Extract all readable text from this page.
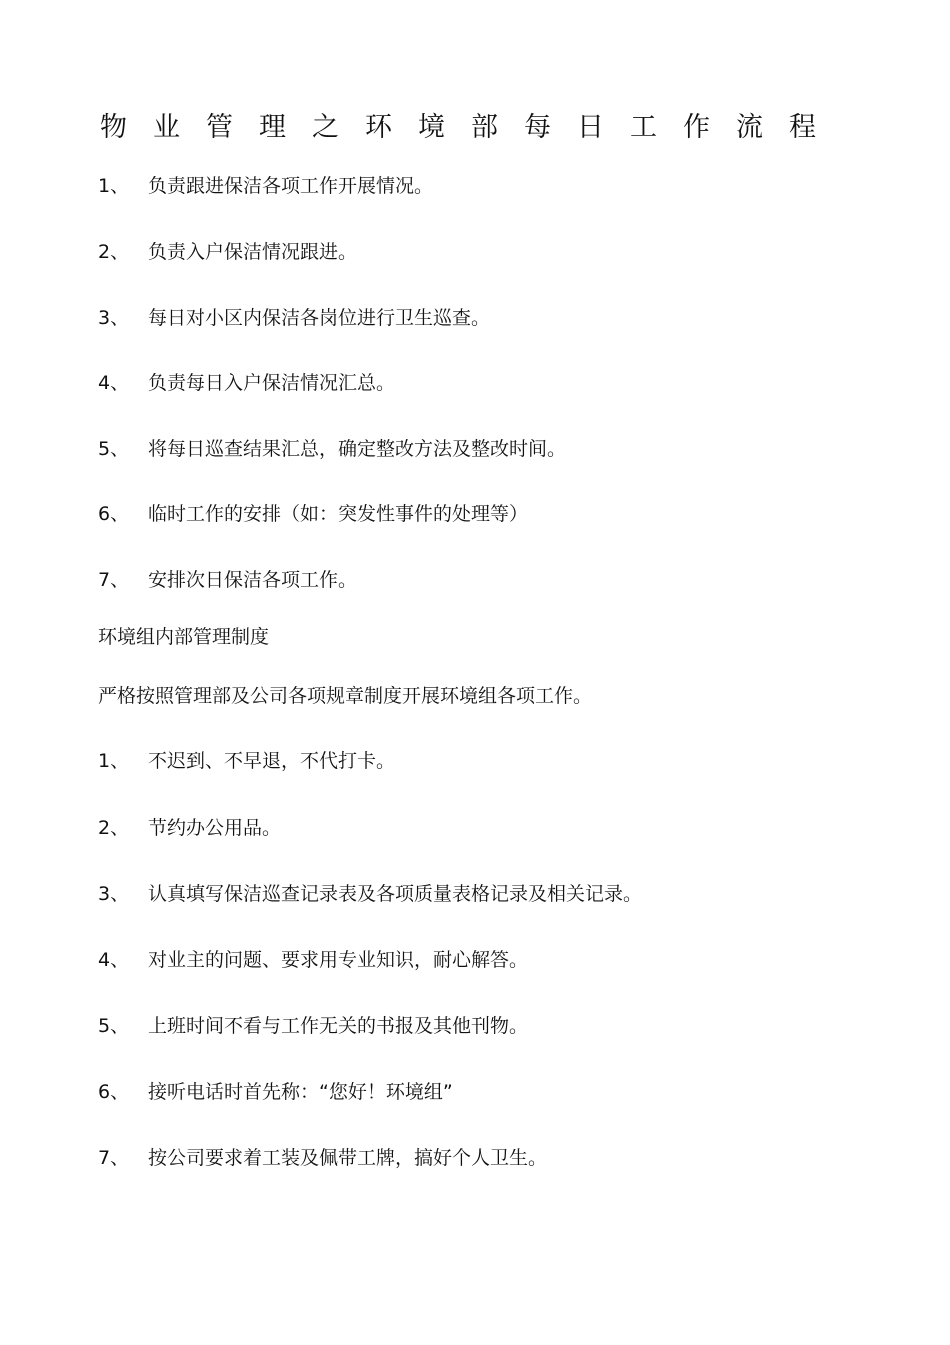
物业管理之环境部每日工作流程
1、 负责跟进保洁各项工作开展情况。
2、 负责入户保洁情况跟进。
3、 每日对小区内保洁各岗位进行卫生巡查。
4、 负责每日入户保洁情况汇总。
5、 将每日巡查结果汇总，确定整改方法及整改时间。
6、 临时工作的安排（如：突发性事件的处理等）
7、 安排次日保洁各项工作。
环境组内部管理制度
严格按照管理部及公司各项规章制度开展环境组各项工作。
1、 不迟到、不早退，不代打卡。
2、 节约办公用品。
3、 认真填写保洁巡查记录表及各项质量表格记录及相关记录。
4、 对业主的问题、要求用专业知识，耐心解答。
5、 上班时间不看与工作无关的书报及其他刊物。
6、 接听电话时首先称：“您好！环境组”
7、 按公司要求着工装及佩带工牌，搞好个人卫生。
